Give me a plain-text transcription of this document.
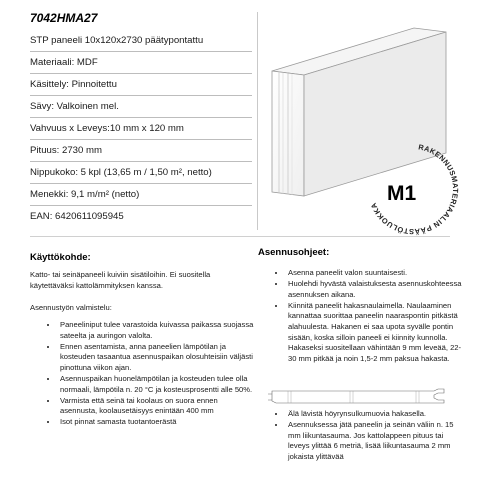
7042HMA27
STP paneeli 10x120x2730 päätypontattu
Materiaali: MDF
Käsittely: Pinnoitettu
Sävy: Valkoinen mel.
Vahvuus x Leveys:10 mm x 120 mm
Pituus: 2730 mm
Nippukoko: 5 kpl (13,65 m / 1,50 m², netto)
Menekki: 9,1 m/m² (netto)
EAN: 6420611095945
RAKENNUSMATERIAALIN PÄÄSTÖLUOKKA
M1
Käyttökohde:
Katto- tai seinäpaneeli kuiviin sisätiloihin. Ei suositella käytettäväksi kattolämmityksen kanssa.
Asennustyön valmistelu:
• Paneeliniput tulee varastoida kuivassa paikassa suojassa sateelta ja auringon valolta.
• Ennen asentamista, anna paneelien lämpötilan ja kosteuden tasaantua asennuspaikan olosuhteisiin väljästi pinottuna viikon ajan.
• Asennuspaikan huonelämpötilan ja kosteuden tulee olla normaali, lämpötila n. 20 °C ja kosteusprosentti alle 50%.
• Varmista että seinä tai koolaus on suora ennen asennusta, koolausetäisyys enintään 400 mm
• Isot pinnat samasta tuotantoerästä
Asennusohjeet:
• Asenna paneelit valon suuntaisesti.
• Huolehdi hyvästä valaistuksesta asennuskohteessa asennuksen aikana.
• Kiinnitä paneelit hakasnaulaimella. Naulaaminen kannattaa suorittaa paneelin naaraspontin pitkästä alahuulesta. Hakanen ei saa upota syvälle pontin sisään, koska silloin paneeli ei kiinnity kunnolla. Hakaseksi suositellaan vähintään 9 mm leveää, 22-30 mm pitkää ja noin 1,5-2 mm paksua hakasta.
• Älä lävistä höyrynsulkumuovia hakasella.
• Asennuksessa jätä paneelin ja seinän väliin n. 15 mm liikuntasauma. Jos kattolappeen pituus tai leveys ylittää 6 metriä, lisää liikuntasauma 2 mm jokaista ylittävää
